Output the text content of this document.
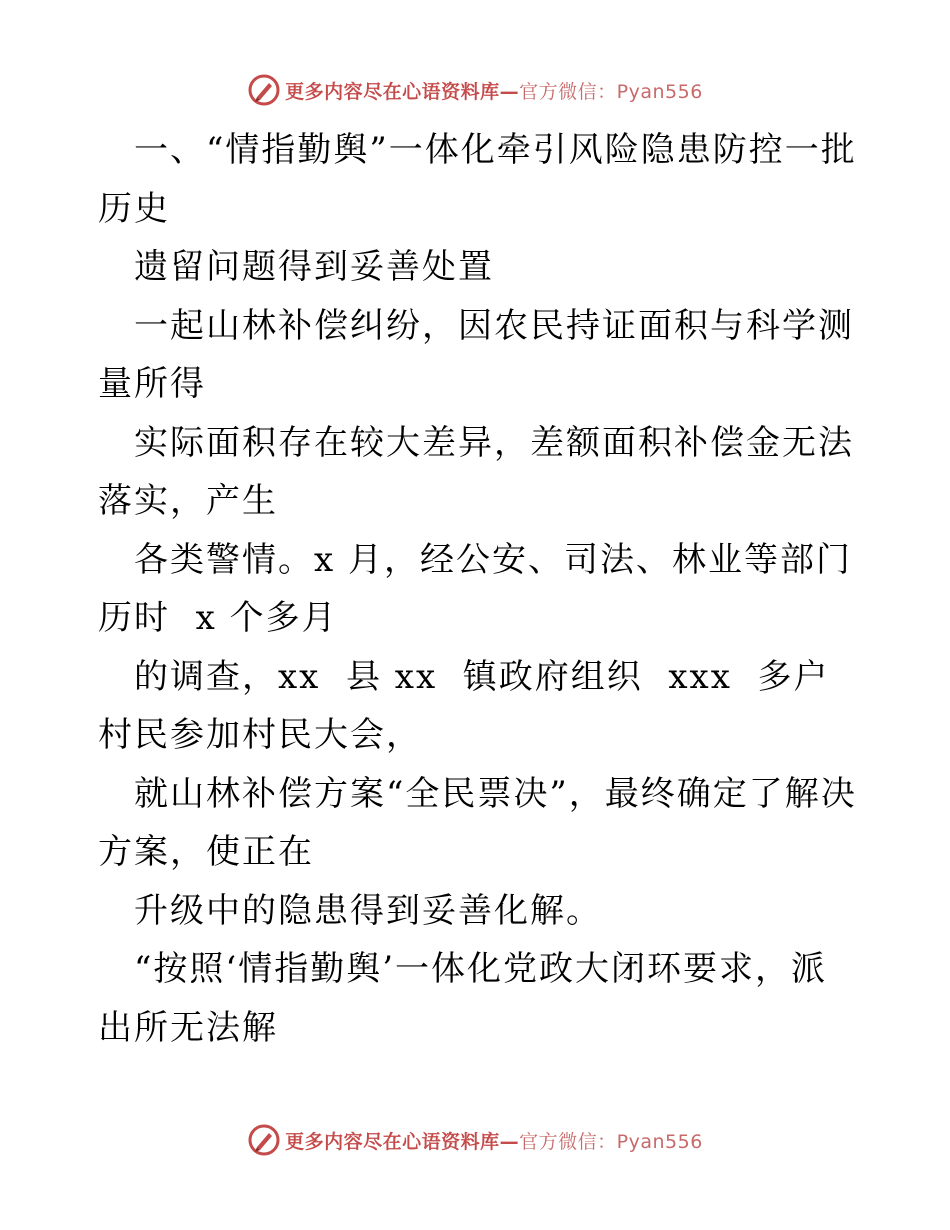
更多内容尽在心语资料库—官方微信：Pyan556

一、“情指勤舆”一体化牵引风险隐患防控一批历史

遗留问题得到妥善处置

一起山林补偿纠纷，因农民持证面积与科学测量所得

实际面积存在较大差异，差额面积补偿金无法落实，产生

各类警情。x 月，经公安、司法、林业等部门历时  x 个多月

的调查，xx  县 xx  镇政府组织  xxx  多户村民参加村民大会，

就山林补偿方案“全民票决”，最终确定了解决方案，使正在

升级中的隐患得到妥善化解。

“按照‘情指勤舆’一体化党政大闭环要求，派出所无法解

更多内容尽在心语资料库—官方微信：Pyan556
